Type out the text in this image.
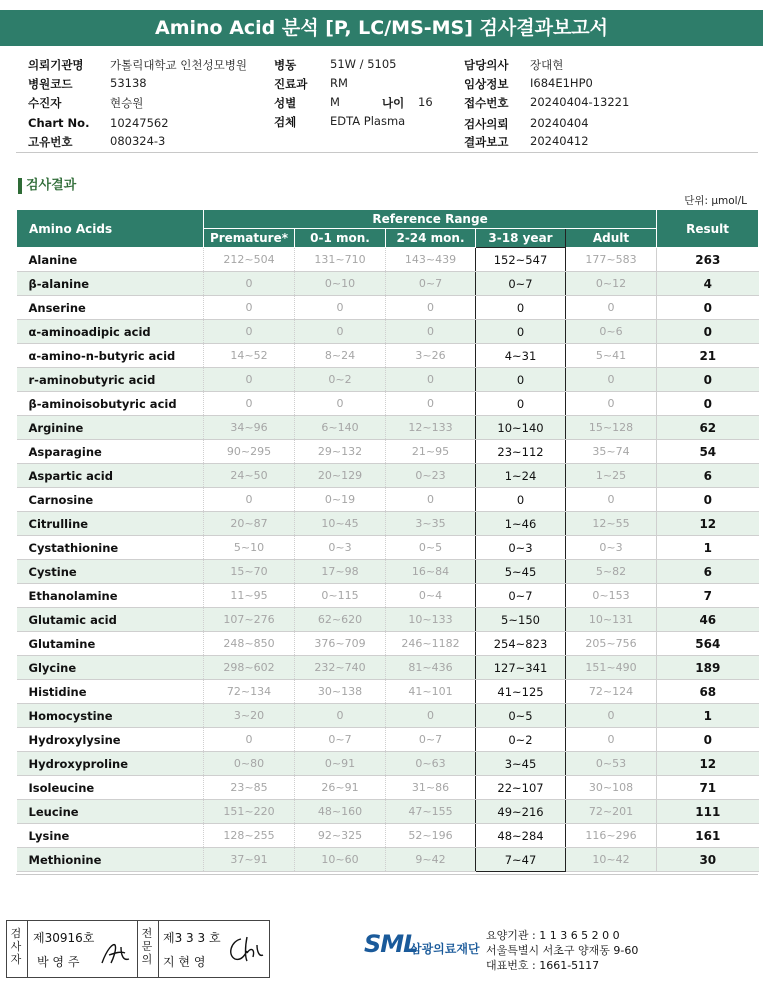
Amino Acid 분석 [P, LC/MS-MS] 검사결과보고서
의뢰기관명 가톨릭대학교 인천성모병원
병원코드	53138
수진자	현승원
Chart No. 10247562
고유번호	080324-3
병동	51W / 5105
진료과 RM
성별	M	나이 16
검체	EDTA Plasma
담당의사 장대현
임상정보 I684E1HP0
접수번호 20240404-13221
검사의뢰 20240404
결과보고 20240412
검사결과
단위: μmol/L
Amino Acids	Reference Range					Result
	Premature*	0-1 mon.	2-24 mon.	3-18 year	Adult	
Alanine	212~504	131~710	143~439	152~547	177~583	263
β-alanine	0	0~10	0~7	0~7	0~12	4
Anserine	0	0	0	0	0	0
α-aminoadipic acid	0	0	0	0	0~6	0
α-amino-n-butyric acid	14~52	8~24	3~26	4~31	5~41	21
r-aminobutyric acid	0	0~2	0	0	0	0
β-aminoisobutyric acid	0	0	0	0	0	0
Arginine	34~96	6~140	12~133	10~140	15~128	62
Asparagine	90~295	29~132	21~95	23~112	35~74	54
Aspartic acid	24~50	20~129	0~23	1~24	1~25	6
Carnosine	0	0~19	0	0	0	0
Citrulline	20~87	10~45	3~35	1~46	12~55	12
Cystathionine	5~10	0~3	0~5	0~3	0~3	1
Cystine	15~70	17~98	16~84	5~45	5~82	6
Ethanolamine	11~95	0~115	0~4	0~7	0~153	7
Glutamic acid	107~276	62~620	10~133	5~150	10~131	46
Glutamine	248~850	376~709	246~1182	254~823	205~756	564
Glycine	298~602	232~740	81~436	127~341	151~490	189
Histidine	72~134	30~138	41~101	41~125	72~124	68
Homocystine	3~20	0	0	0~5	0	1
Hydroxylysine	0	0~7	0~7	0~2	0	0
Hydroxyproline	0~80	0~91	0~63	3~45	0~53	12
Isoleucine	23~85	26~91	31~86	22~107	30~108	71
Leucine	151~220	48~160	47~155	49~216	72~201	111
Lysine	128~255	92~325	52~196	48~284	116~296	161
Methionine	37~91	10~60	9~42	7~47	10~42	30
검사자
제30916호
박 영 주
전문의
제3 3 3 호
지 현 영
SML
삼광의료재단
요양기관 : 1 1 3 6 5 2 0 0
서울특별시 서초구 양재동 9-60
대표번호 : 1661-5117
